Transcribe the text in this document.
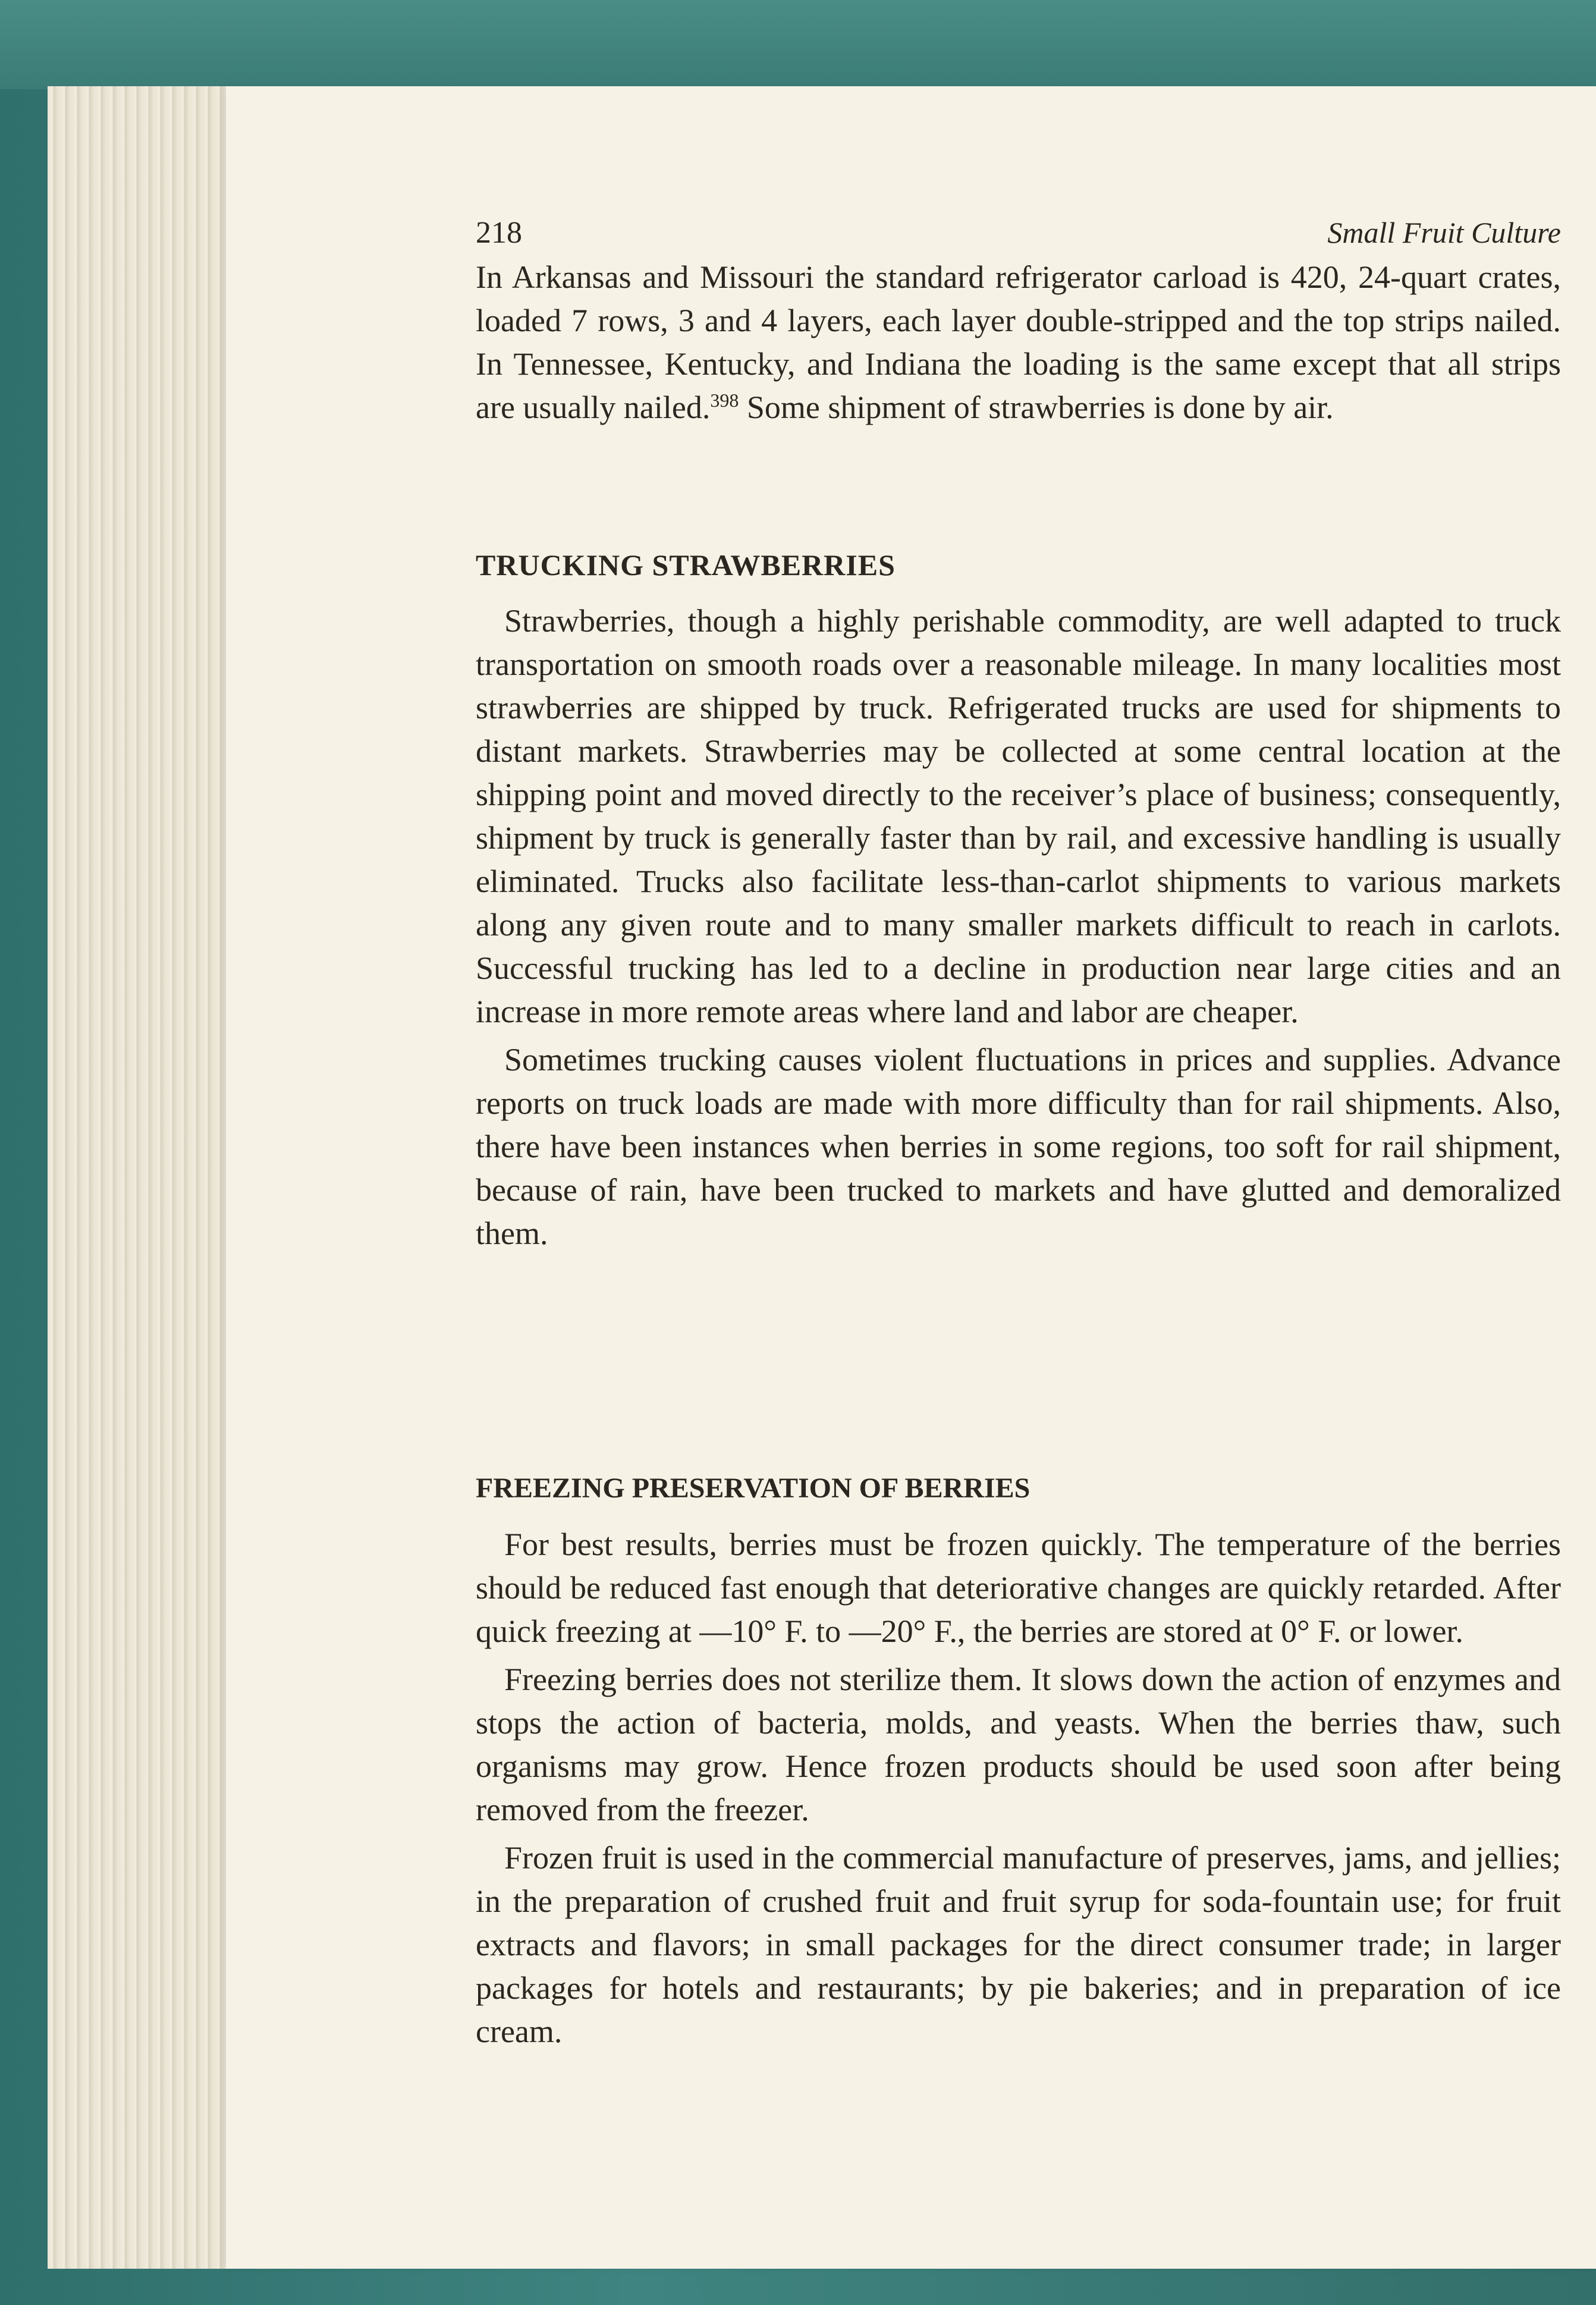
218	Small Fruit Culture

In Arkansas and Missouri the standard refrigerator carload is 420, 24-quart crates, loaded 7 rows, 3 and 4 layers, each layer double-stripped and the top strips nailed. In Tennessee, Kentucky, and Indiana the loading is the same except that all strips are usually nailed.$^{398}$ Some shipment of strawberries is done by air.

TRUCKING STRAWBERRIES

Strawberries, though a highly perishable commodity, are well adapted to truck transportation on smooth roads over a reasonable mileage. In many localities most strawberries are shipped by truck. Refrigerated trucks are used for shipments to distant markets. Strawberries may be collected at some central location at the shipping point and moved directly to the receiver’s place of business; consequently, shipment by truck is generally faster than by rail, and excessive handling is usually eliminated. Trucks also facilitate less-than-carlot shipments to various markets along any given route and to many smaller markets difficult to reach in carlots. Successful trucking has led to a decline in production near large cities and an increase in more remote areas where land and labor are cheaper.

Sometimes trucking causes violent fluctuations in prices and supplies. Advance reports on truck loads are made with more difficulty than for rail shipments. Also, there have been instances when berries in some regions, too soft for rail shipment, because of rain, have been trucked to markets and have glutted and demoralized them.

FREEZING PRESERVATION OF BERRIES

For best results, berries must be frozen quickly. The temperature of the berries should be reduced fast enough that deteriorative changes are quickly retarded. After quick freezing at —10° F. to —20° F., the berries are stored at 0° F. or lower.

Freezing berries does not sterilize them. It slows down the action of enzymes and stops the action of bacteria, molds, and yeasts. When the berries thaw, such organisms may grow. Hence frozen products should be used soon after being removed from the freezer.

Frozen fruit is used in the commercial manufacture of preserves, jams, and jellies; in the preparation of crushed fruit and fruit syrup for soda-fountain use; for fruit extracts and flavors; in small packages for the direct consumer trade; in larger packages for hotels and restaurants; by pie bakeries; and in preparation of ice cream.
